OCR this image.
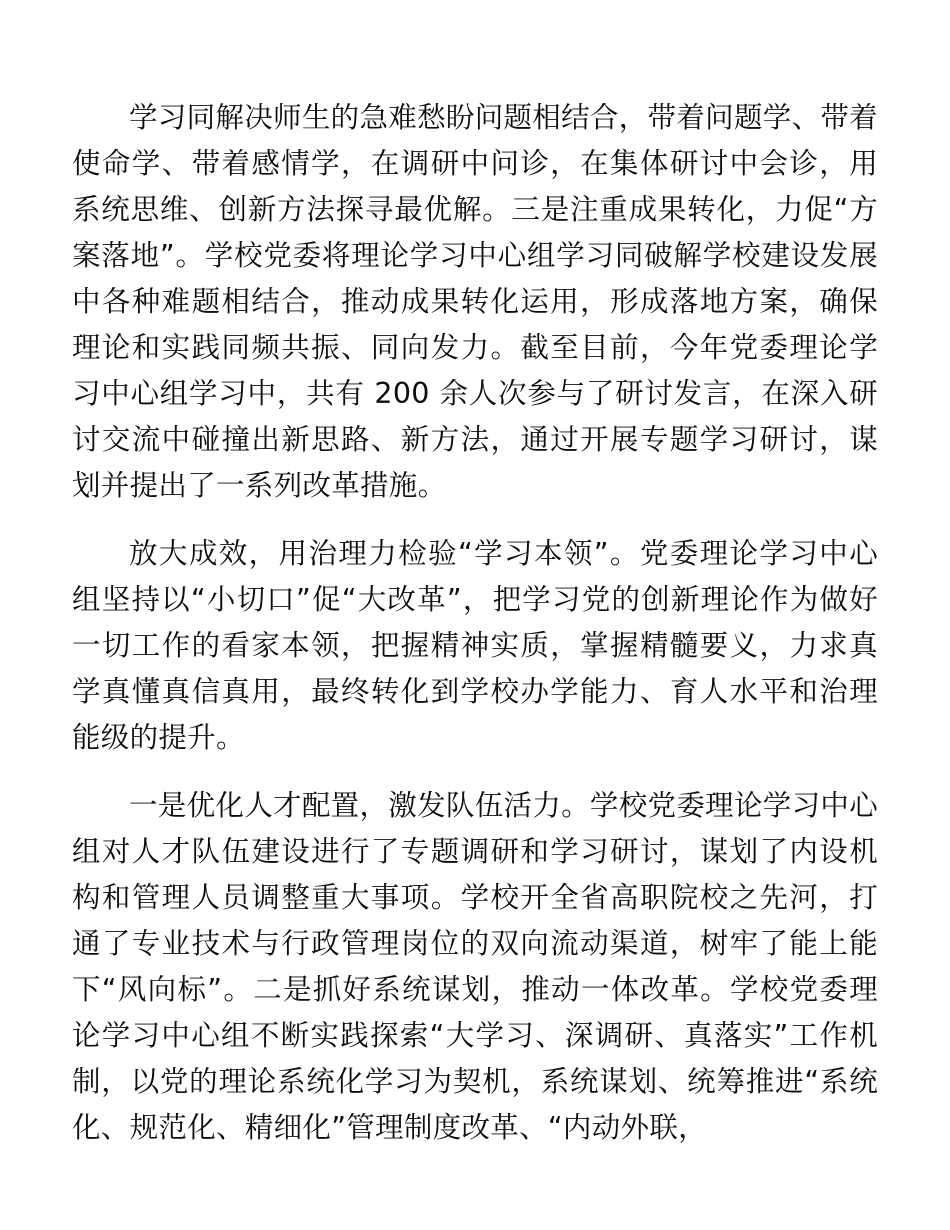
学习同解决师生的急难愁盼问题相结合，带着问题学、带着使命学、带着感情学，在调研中问诊，在集体研讨中会诊，用系统思维、创新方法探寻最优解。三是注重成果转化，力促“方案落地”。学校党委将理论学习中心组学习同破解学校建设发展中各种难题相结合，推动成果转化运用，形成落地方案，确保理论和实践同频共振、同向发力。截至目前，今年党委理论学习中心组学习中，共有 200 余人次参与了研讨发言，在深入研讨交流中碰撞出新思路、新方法，通过开展专题学习研讨，谋划并提出了一系列改革措施。

放大成效，用治理力检验“学习本领”。党委理论学习中心组坚持以“小切口”促“大改革”，把学习党的创新理论作为做好一切工作的看家本领，把握精神实质，掌握精髓要义，力求真学真懂真信真用，最终转化到学校办学能力、育人水平和治理能级的提升。

一是优化人才配置，激发队伍活力。学校党委理论学习中心组对人才队伍建设进行了专题调研和学习研讨，谋划了内设机构和管理人员调整重大事项。学校开全省高职院校之先河，打通了专业技术与行政管理岗位的双向流动渠道，树牢了能上能下“风向标”。二是抓好系统谋划，推动一体改革。学校党委理论学习中心组不断实践探索“大学习、深调研、真落实”工作机制，以党的理论系统化学习为契机，系统谋划、统筹推进“系统化、规范化、精细化”管理制度改革、“内动外联，
